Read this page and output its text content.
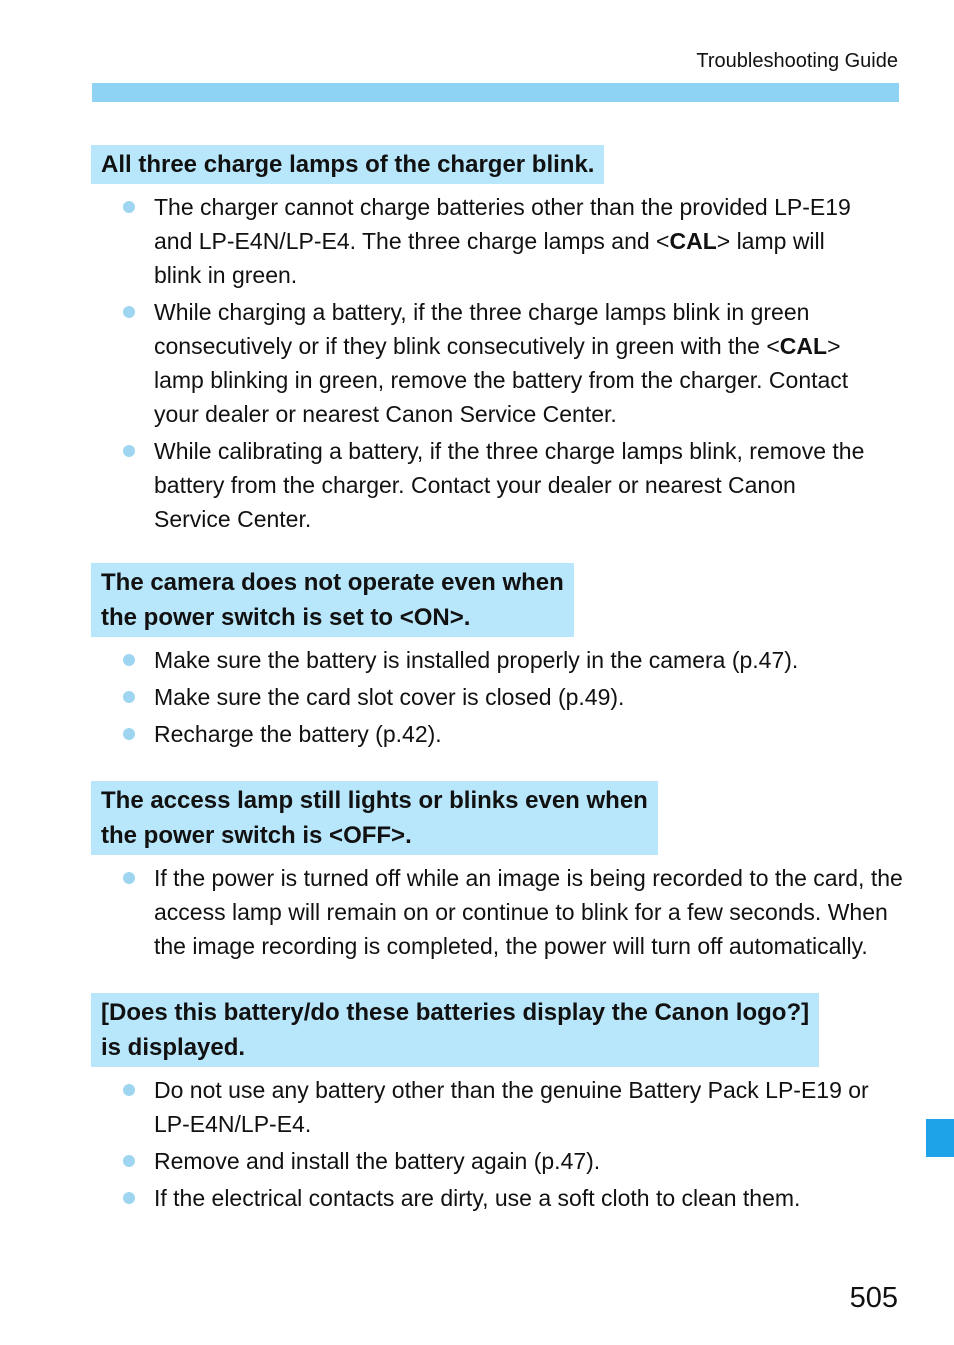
Troubleshooting Guide
All three charge lamps of the charger blink.
The charger cannot charge batteries other than the provided LP-E19
and LP-E4N/LP-E4. The three charge lamps and <CAL> lamp will
blink in green.
While charging a battery, if the three charge lamps blink in green
consecutively or if they blink consecutively in green with the <CAL>
lamp blinking in green, remove the battery from the charger. Contact
your dealer or nearest Canon Service Center.
While calibrating a battery, if the three charge lamps blink, remove the
battery from the charger. Contact your dealer or nearest Canon
Service Center.
The camera does not operate even when
the power switch is set to <ON>.
Make sure the battery is installed properly in the camera (p.47).
Make sure the card slot cover is closed (p.49).
Recharge the battery (p.42).
The access lamp still lights or blinks even when
the power switch is <OFF>.
If the power is turned off while an image is being recorded to the card, the
access lamp will remain on or continue to blink for a few seconds. When
the image recording is completed, the power will turn off automatically.
[Does this battery/do these batteries display the Canon logo?]
is displayed.
Do not use any battery other than the genuine Battery Pack LP-E19 or
LP-E4N/LP-E4.
Remove and install the battery again (p.47).
If the electrical contacts are dirty, use a soft cloth to clean them.
505
